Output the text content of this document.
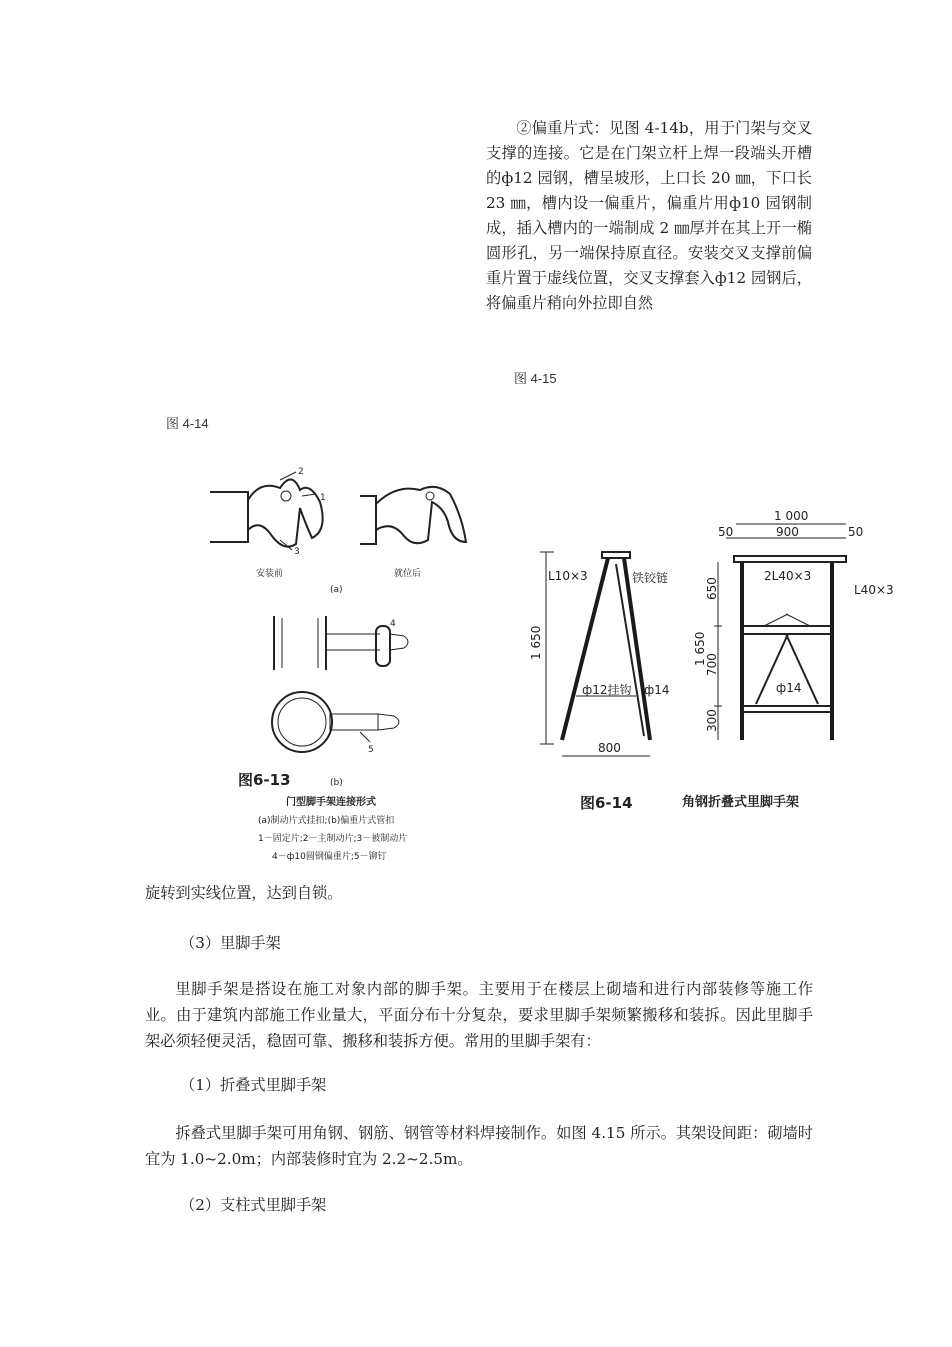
②偏重片式：见图 4-14b，用于门架与交叉支撑的连接。它是在门架立杆上焊一段端头开槽的ф12 园钢，槽呈坡形，上口长 20 ㎜，下口长 23 ㎜，槽内设一偏重片，偏重片用ф10 园钢制成，插入槽内的一端制成 2 ㎜厚并在其上开一椭圆形孔，另一端保持原直径。安装交叉支撑前偏重片置于虚线位置，交叉支撑套入ф12 园钢后，将偏重片稍向外拉即自然
图 4-15
图 4-14
2
1
3
安装前	就位后
(a)
4
5
图6-13	(b)
门型脚手架连接形式
(a)制动片式挂扣;(b)偏重片式管扣
1－固定片;2－主制动片;3－被制动片
4－ф10圆钢偏重片;5－铆钉
L10×3	铁铰链
1 650
ф12挂钩 ф14
800
1 000
900
50	50
2L40×3
L40×3
650
700
300
1 650
ф14
图6-14	角钢折叠式里脚手架
旋转到实线位置，达到自锁。
（3）里脚手架
里脚手架是搭设在施工对象内部的脚手架。主要用于在楼层上砌墙和进行内部装修等施工作业。由于建筑内部施工作业量大，平面分布十分复杂，要求里脚手架频繁搬移和装拆。因此里脚手架必须轻便灵活，稳固可靠、搬移和装拆方便。常用的里脚手架有：
（1）折叠式里脚手架
拆叠式里脚手架可用角钢、钢筋、钢管等材料焊接制作。如图 4.15 所示。其架设间距：砌墙时宜为 1.0~2.0m；内部装修时宜为 2.2~2.5m。
（2）支柱式里脚手架
